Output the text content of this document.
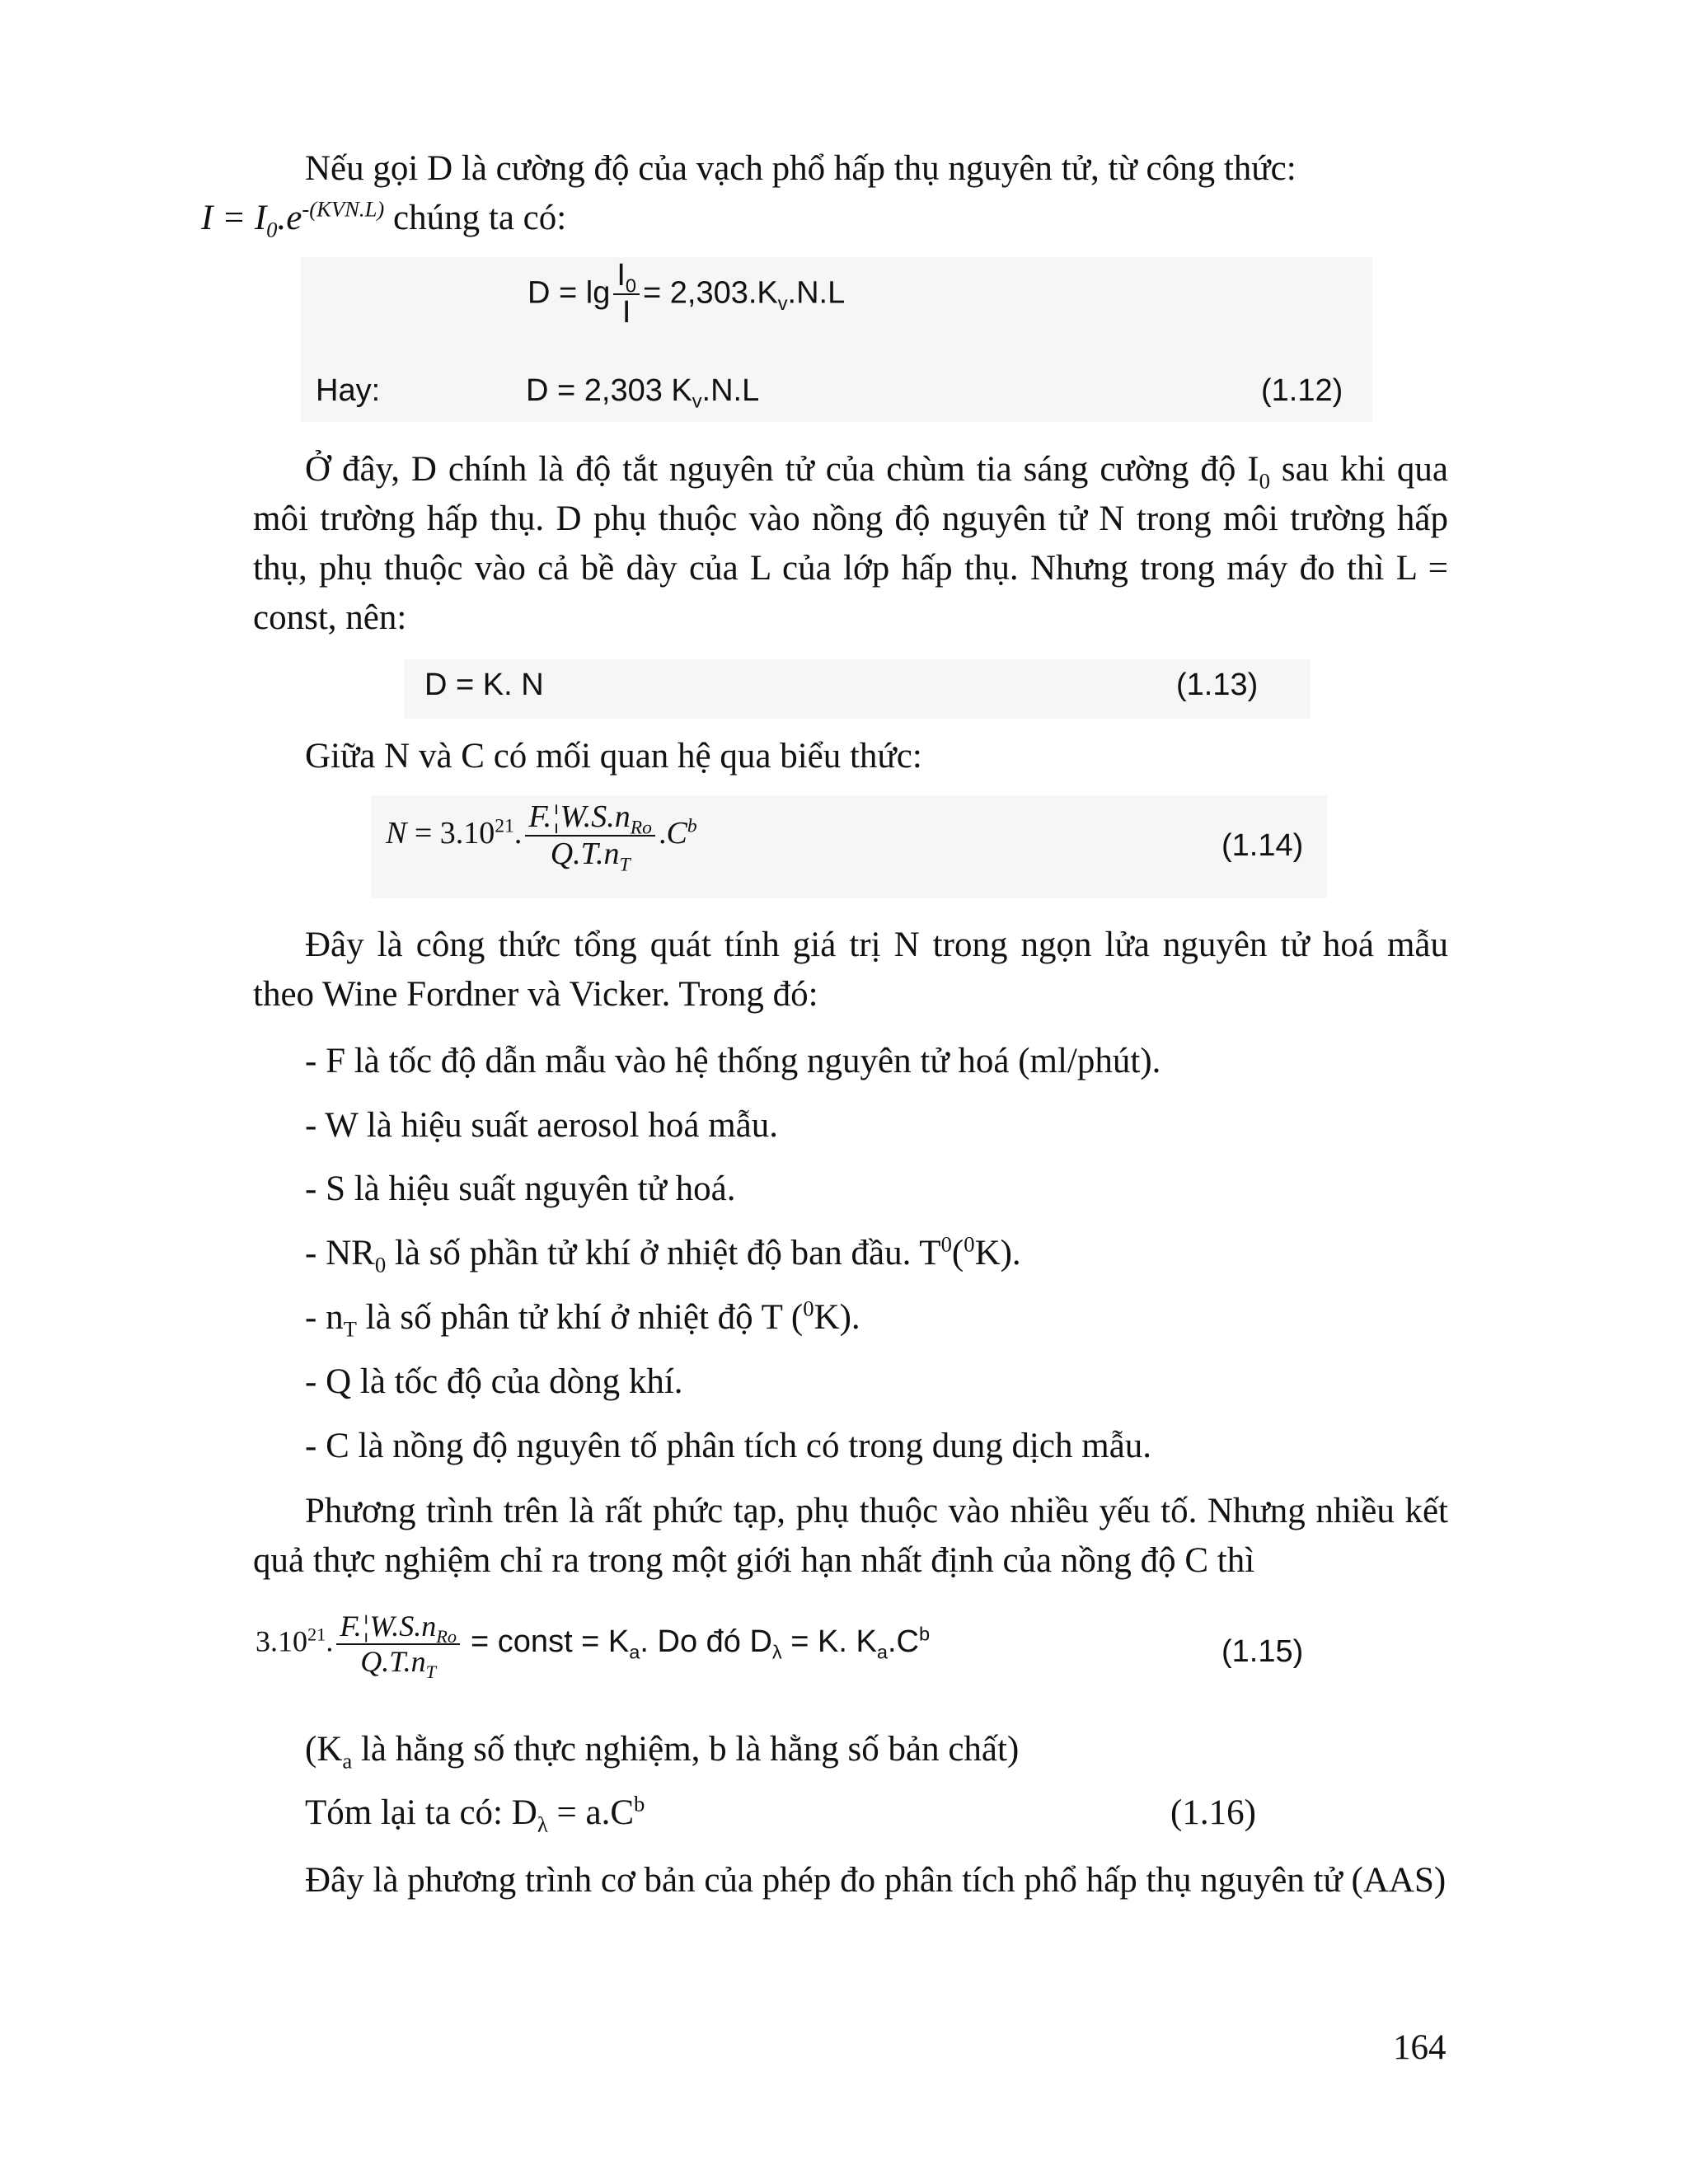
Nếu gọi D là cường độ của vạch phổ hấp thụ nguyên tử, từ công thức:
$I = I_0.e^{-(KVN.L)}$ chúng ta có:

$D = \lg \frac{I_0}{I} = 2,303.K_v.N.L$
Hay:	D = 2,303 $K_v.N.L$	(1.12)

Ở đây, D chính là độ tắt nguyên tử của chùm tia sáng cường độ $I_0$ sau khi qua môi trường hấp thụ. D phụ thuộc vào nồng độ nguyên tử N trong môi trường hấp thụ, phụ thuộc vào cả bề dày của L của lớp hấp thụ. Nhưng trong máy đo thì L = const, nên:

D = K. N	(1.13)

Giữa N và C có mối quan hệ qua biểu thức:

$N = 3.10^{21}$. $\frac{F.¦W.S.n_{Ro}}{Q.T.n_T} .C^b$
(1.14)

Đây là công thức tổng quát tính giá trị N trong ngọn lửa nguyên tử hoá mẫu theo Wine Fordner và Vicker. Trong đó:

- F là tốc độ dẫn mẫu vào hệ thống nguyên tử hoá (ml/phút).

- W là hiệu suất aerosol hoá mẫu.

- S là hiệu suất nguyên tử hoá.

- $NR_0$ là số phần tử khí ở nhiệt độ ban đầu. $T^0(^0K)$.

- $n_T$ là số phân tử khí ở nhiệt độ T ($^0$K).

- Q là tốc độ của dòng khí.

- C là nồng độ nguyên tố phân tích có trong dung dịch mẫu.

Phương trình trên là rất phức tạp, phụ thuộc vào nhiều yếu tố. Nhưng nhiều kết quả thực nghiệm chỉ ra trong một giới hạn nhất định của nồng độ C thì

3.10$^{21}$. $\frac{F.¦W.S.n_{Ro}}{Q.T.n_T}$ = const = $K_a$. Do đó $D_\lambda = K$. $K_a.C^b$
(1.15)

($K_a$ là hằng số thực nghiệm, b là hằng số bản chất)

Tóm lại ta có: $D_\lambda = a.C^b$	(1.16)

Đây là phương trình cơ bản của phép đo phân tích phổ hấp thụ nguyên tử (AAS)

164
